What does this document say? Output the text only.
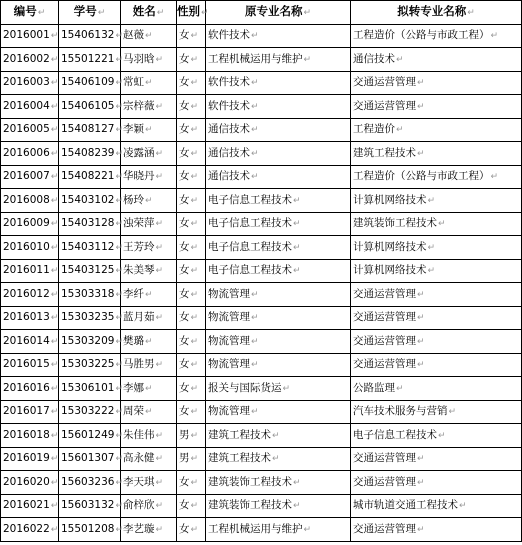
编号↵	学号↵	姓名↵	性别↵	原专业名称↵	拟转专业名称↵
2016001↵	15406132↵	赵薇↵	女↵	软件技术↵	工程造价（公路与市政工程）↵
2016002↵	15501221↵	马羽晗↵	女↵	工程机械运用与维护↵	通信技术↵
2016003↵	15406109↵	常虹↵	女↵	软件技术↵	交通运营管理↵
2016004↵	15406105↵	宗梓薇↵	女↵	软件技术↵	交通运营管理↵
2016005↵	15408127↵	李颖↵	女↵	通信技术↵	工程造价↵
2016006↵	15408239↵	凌露涵↵	女↵	通信技术↵	建筑工程技术↵
2016007↵	15408221↵	华晓丹↵	女↵	通信技术↵	工程造价（公路与市政工程）↵
2016008↵	15403102↵	杨玲↵	女↵	电子信息工程技术↵	计算机网络技术↵
2016009↵	15403128↵	浊荣萍↵	女↵	电子信息工程技术↵	建筑装饰工程技术↵
2016010↵	15403112↵	王芳玲↵	女↵	电子信息工程技术↵	计算机网络技术↵
2016011↵	15403125↵	朱美琴↵	女↵	电子信息工程技术↵	计算机网络技术↵
2016012↵	15303318↵	李纤↵	女↵	物流管理↵	交通运营管理↵
2016013↵	15303235↵	蓝月茹↵	女↵	物流管理↵	交通运营管理↵
2016014↵	15303209↵	樊璐↵	女↵	物流管理↵	交通运营管理↵
2016015↵	15303225↵	马胜男↵	女↵	物流管理↵	交通运营管理↵
2016016↵	15306101↵	李娜↵	女↵	报关与国际货运↵	公路监理↵
2016017↵	15303222↵	周荣↵	女↵	物流管理↵	汽车技术服务与营销↵
2016018↵	15601249↵	朱佳伟↵	男↵	建筑工程技术↵	电子信息工程技术↵
2016019↵	15601307↵	高永健↵	男↵	建筑工程技术↵	交通运营管理↵
2016020↵	15603236↵	李天琪↵	女↵	建筑装饰工程技术↵	交通运营管理↵
2016021↵	15603132↵	俞梓欣↵	女↵	建筑装饰工程技术↵	城市轨道交通工程技术↵
2016022↵	15501208↵	李艺璇↵	女↵	工程机械运用与维护↵	交通运营管理↵
